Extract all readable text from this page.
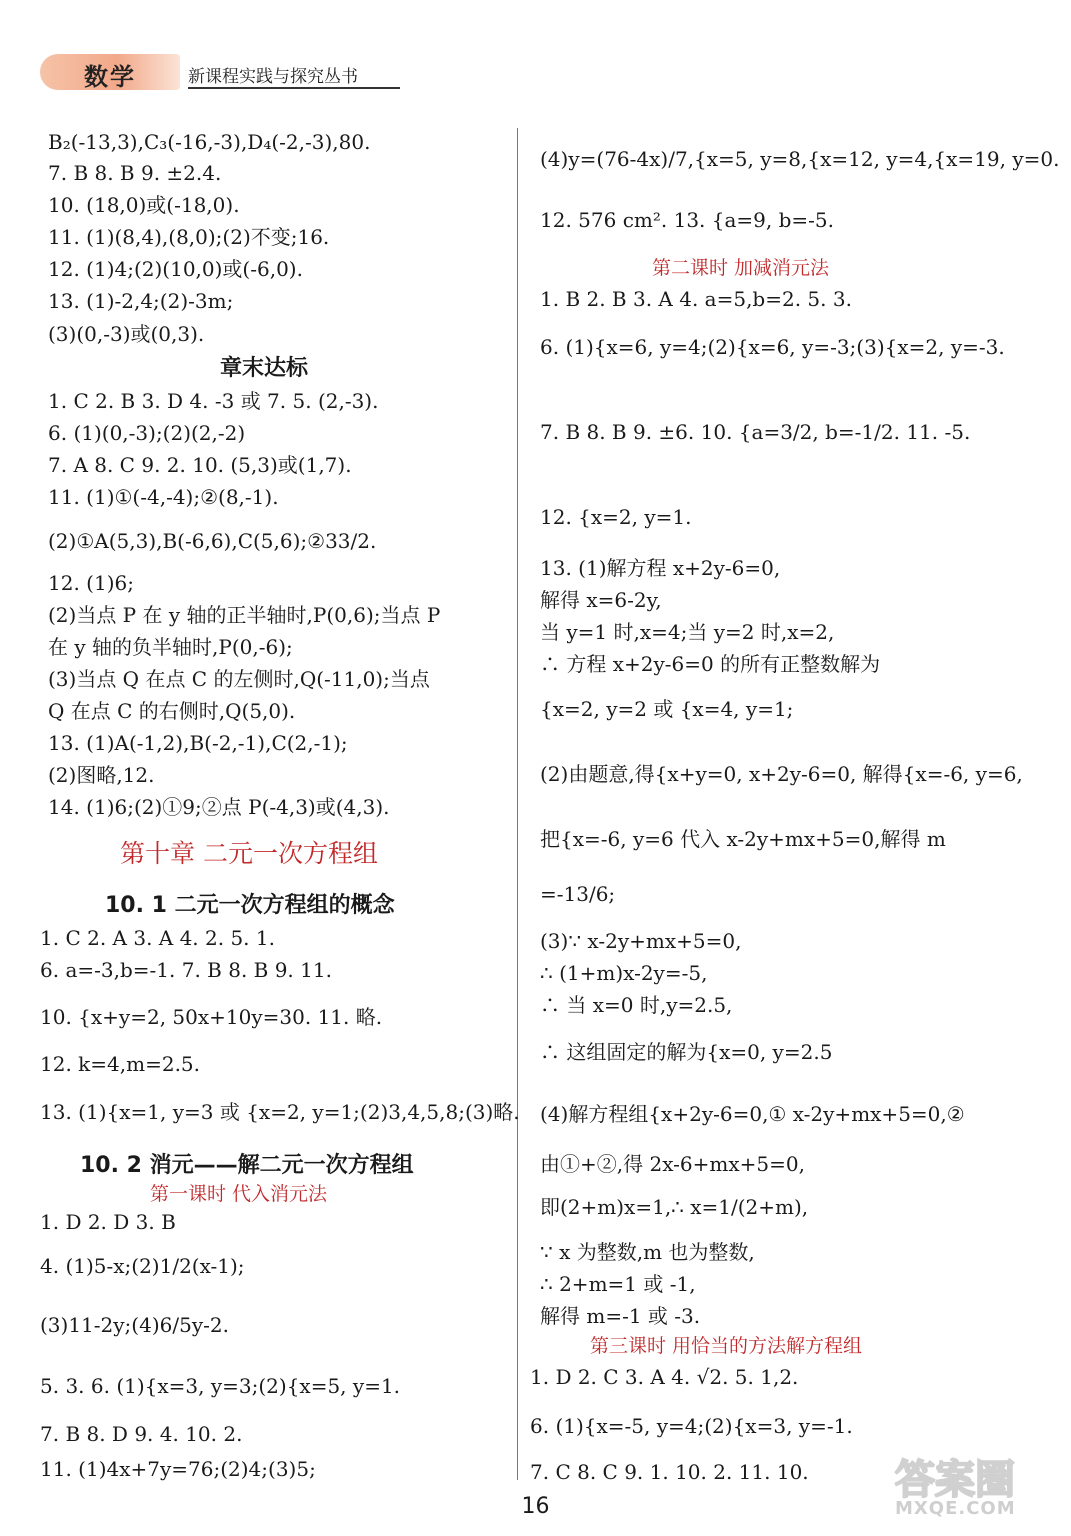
数学	新课程实践与探究丛书
B₂(-13,3),C₃(-16,-3),D₄(-2,-3),80.
7. B 8. B 9. ±2.4.
10. (18,0)或(-18,0).
11. (1)(8,4),(8,0);(2)不变;16.
12. (1)4;(2)(10,0)或(-6,0).
13. (1)-2,4;(2)-3m;
(3)(0,-3)或(0,3).
章末达标
1. C 2. B 3. D 4. -3 或 7. 5. (2,-3).
6. (1)(0,-3);(2)(2,-2)
7. A 8. C 9. 2. 10. (5,3)或(1,7).
11. (1)①(-4,-4);②(8,-1).
(2)①A(5,3),B(-6,6),C(5,6);②33/2.
12. (1)6;
(2)当点 P 在 y 轴的正半轴时,P(0,6);当点 P
在 y 轴的负半轴时,P(0,-6);
(3)当点 Q 在点 C 的左侧时,Q(-11,0);当点
Q 在点 C 的右侧时,Q(5,0).
13. (1)A(-1,2),B(-2,-1),C(2,-1);
(2)图略,12.
14. (1)6;(2)①9;②点 P(-4,3)或(4,3).
第十章 二元一次方程组
10. 1 二元一次方程组的概念
1. C 2. A 3. A 4. 2. 5. 1.
6. a=-3,b=-1. 7. B 8. B 9. 11.
10. {x+y=2, 50x+10y=30. 11. 略.
12. k=4,m=2.5.
13. (1){x=1, y=3 或 {x=2, y=1;(2)3,4,5,8;(3)略.
10. 2 消元——解二元一次方程组
第一课时 代入消元法
1. D 2. D 3. B
4. (1)5-x;(2)1/2(x-1);
(3)11-2y;(4)6/5y-2.
5. 3. 6. (1){x=3, y=3;(2){x=5, y=1.
7. B 8. D 9. 4. 10. 2.
11. (1)4x+7y=76;(2)4;(3)5;
(4)y=(76-4x)/7,{x=5, y=8,{x=12, y=4,{x=19, y=0.
12. 576 cm². 13. {a=9, b=-5.
第二课时 加减消元法
1. B 2. B 3. A 4. a=5,b=2. 5. 3.
6. (1){x=6, y=4;(2){x=6, y=-3;(3){x=2, y=-3.
7. B 8. B 9. ±6. 10. {a=3/2, b=-1/2. 11. -5.
12. {x=2, y=1.
13. (1)解方程 x+2y-6=0,
解得 x=6-2y,
当 y=1 时,x=4;当 y=2 时,x=2,
∴ 方程 x+2y-6=0 的所有正整数解为
{x=2, y=2 或 {x=4, y=1;
(2)由题意,得{x+y=0, x+2y-6=0, 解得{x=-6, y=6,
把{x=-6, y=6 代入 x-2y+mx+5=0,解得 m
=-13/6;
(3)∵ x-2y+mx+5=0,
∴ (1+m)x-2y=-5,
∴ 当 x=0 时,y=2.5,
∴ 这组固定的解为{x=0, y=2.5
(4)解方程组{x+2y-6=0,① x-2y+mx+5=0,②
由①+②,得 2x-6+mx+5=0,
即(2+m)x=1,∴ x=1/(2+m),
∵ x 为整数,m 也为整数,
∴ 2+m=1 或 -1,
解得 m=-1 或 -3.
第三课时 用恰当的方法解方程组
1. D 2. C 3. A 4. √2. 5. 1,2.
6. (1){x=-5, y=4;(2){x=3, y=-1.
7. C 8. C 9. 1. 10. 2. 11. 10.
16
答案圈
MXQE.COM
